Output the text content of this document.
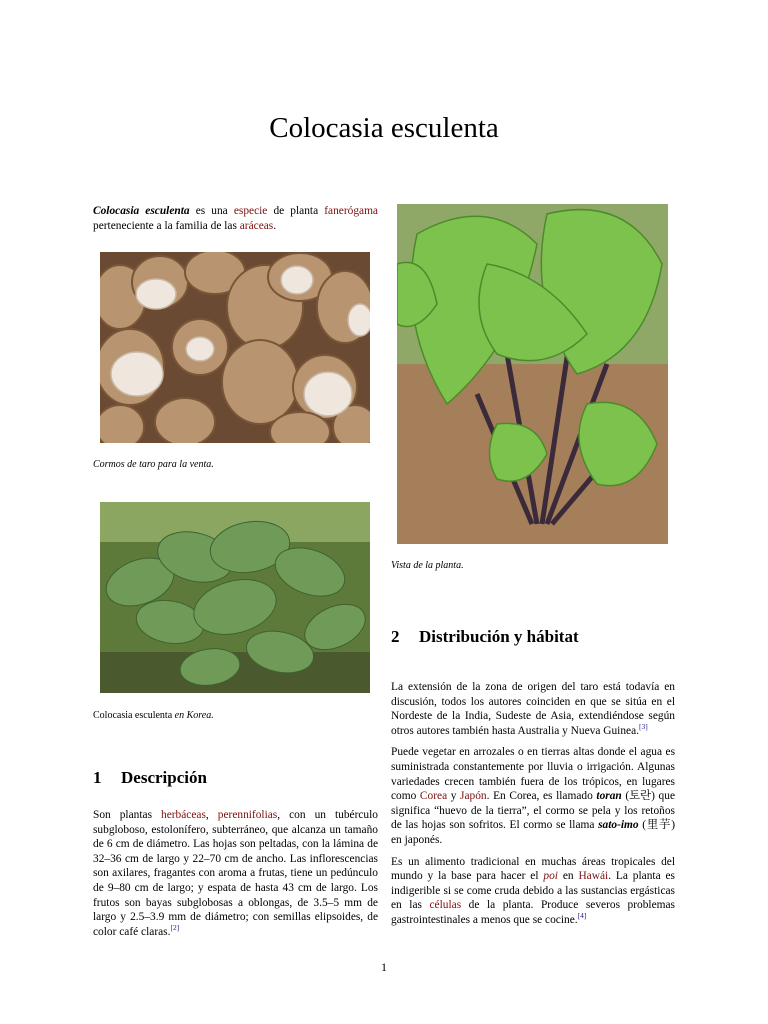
Colocasia esculenta

Colocasia esculenta es una especie de planta fanerógama perteneciente a la familia de las aráceas.

Cormos de taro para la venta.
Colocasia esculenta en Korea.
1 Descripción

Son plantas herbáceas, perennifolias, con un tubérculo subgloboso, estolonífero, subterráneo, que alcanza un tamaño de 6 cm de diámetro. Las hojas son peltadas, con la lámina de 32–36 cm de largo y 22–70 cm de ancho. Las inflorescencias son axilares, fragantes con aroma a frutas, tiene un pedúnculo de 9–80 cm de largo; y espata de hasta 43 cm de largo. Los frutos son bayas subglobosas a oblongas, de 3.5–5 mm de largo y 2.5–3.9 mm de diámetro; con semillas elipsoides, de color café claras.[2]

Vista de la planta.
2 Distribución y hábitat

La extensión de la zona de origen del taro está todavía en discusión, todos los autores coinciden en que se sitúa en el Nordeste de la India, Sudeste de Asia, extendiéndose según otros autores también hasta Australia y Nueva Guinea.[3]

Puede vegetar en arrozales o en tierras altas donde el agua es suministrada constantemente por lluvia o irrigación. Algunas variedades crecen también fuera de los trópicos, en lugares como Corea y Japón. En Corea, es llamado toran (토란) que significa “huevo de la tierra”, el cormo se pela y los retoños de las hojas son sofritos. El cormo se llama sato-imo (里芋) en japonés.

Es un alimento tradicional en muchas áreas tropicales del mundo y la base para hacer el poi en Hawái. La planta es indigerible si se come cruda debido a las sustancias ergásticas en las células de la planta. Produce severos problemas gastrointestinales a menos que se cocine.[4]

1
